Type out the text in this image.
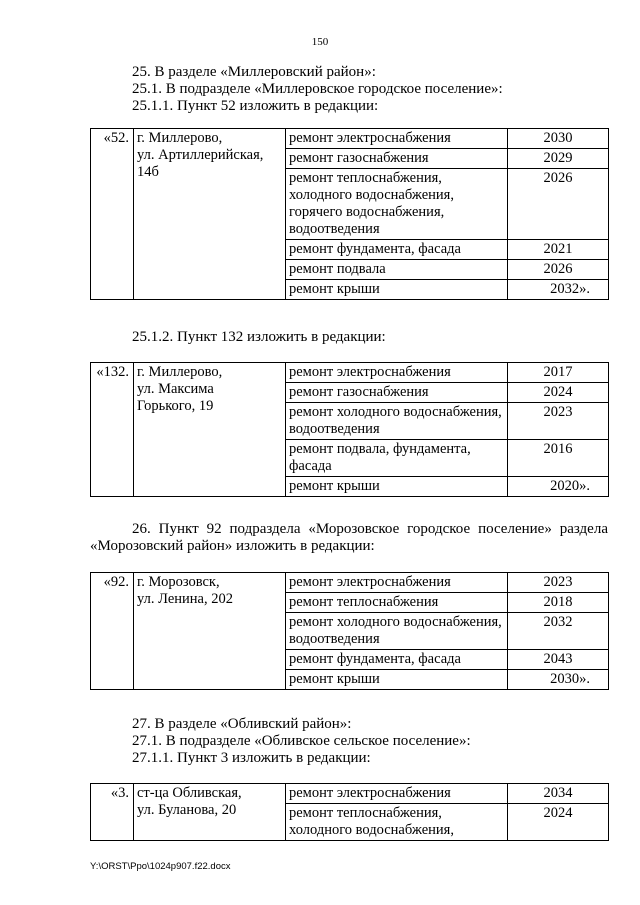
150
25. В разделе «Миллеровский район»:
25.1. В подразделе «Миллеровское городское поселение»:
25.1.1. Пункт 52 изложить в редакции:
«52.	г. Миллерово,
ул. Артиллерийская,
14б	ремонт электроснабжения	2030
		ремонт газоснабжения	2029
		ремонт теплоснабжения, холодного водоснабжения, горячего водоснабжения, водоотведения	2026
		ремонт фундамента, фасада	2021
		ремонт подвала	2026
		ремонт крыши	2032».
25.1.2. Пункт 132 изложить в редакции:
«132.	г. Миллерово,
ул. Максима
Горького, 19	ремонт электроснабжения	2017
		ремонт газоснабжения	2024
		ремонт холодного водоснабжения, водоотведения	2023
		ремонт подвала, фундамента, фасада	2016
		ремонт крыши	2020».
26. Пункт 92 подраздела «Морозовское городское поселение» раздела «Морозовский район» изложить в редакции:
«92.	г. Морозовск,
ул. Ленина, 202	ремонт электроснабжения	2023
		ремонт теплоснабжения	2018
		ремонт холодного водоснабжения, водоотведения	2032
		ремонт фундамента, фасада	2043
		ремонт крыши	2030».
27. В разделе «Обливский район»:
27.1. В подразделе «Обливское сельское поселение»:
27.1.1. Пункт 3 изложить в редакции:
«3.	ст-ца Обливская,
ул. Буланова, 20	ремонт электроснабжения	2034
		ремонт теплоснабжения, холодного водоснабжения,	2024
Y:\ORST\Ppo\1024p907.f22.docx
